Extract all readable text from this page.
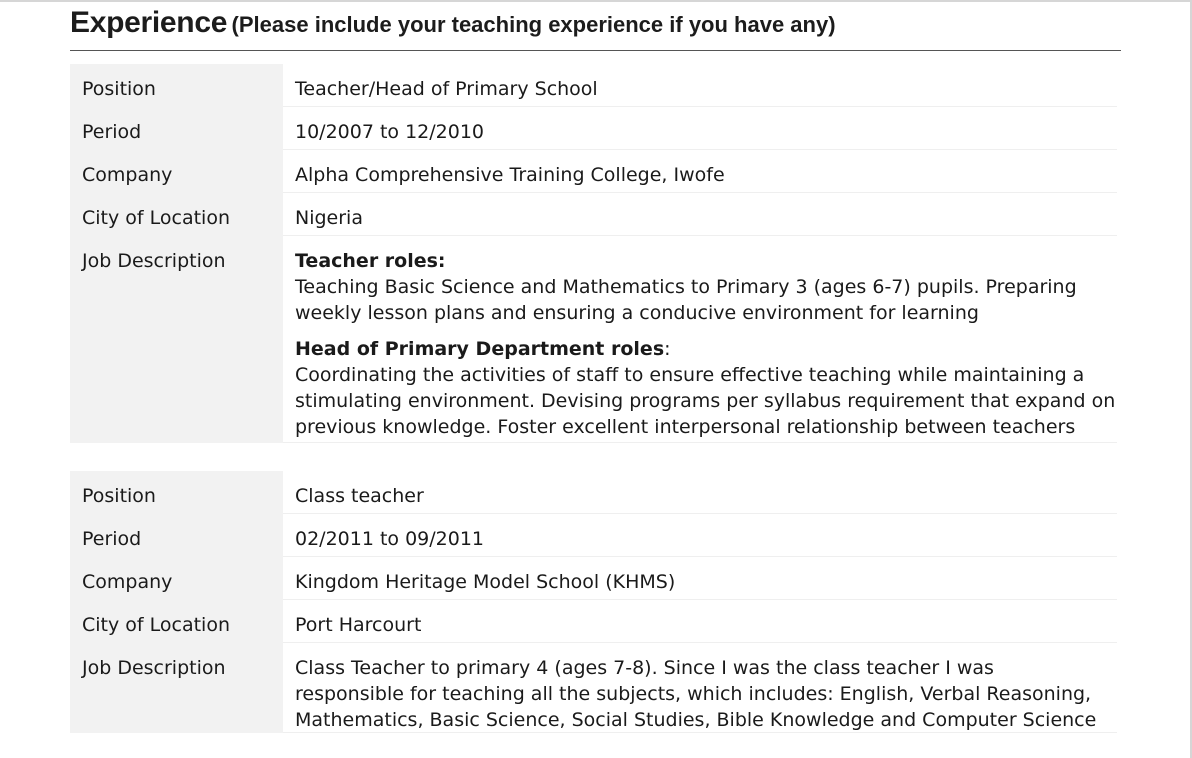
Experience (Please include your teaching experience if you have any)
Position	Teacher/Head of Primary School
Period	10/2007 to 12/2010
Company	Alpha Comprehensive Training College, Iwofe
City of Location	Nigeria
Job Description	Teacher roles:
Teaching Basic Science and Mathematics to Primary 3 (ages 6-7) pupils. Preparing
weekly lesson plans and ensuring a conducive environment for learning
Head of Primary Department roles:
Coordinating the activities of staff to ensure effective teaching while maintaining a
stimulating environment. Devising programs per syllabus requirement that expand on
previous knowledge. Foster excellent interpersonal relationship between teachers
Position	Class teacher
Period	02/2011 to 09/2011
Company	Kingdom Heritage Model School (KHMS)
City of Location	Port Harcourt
Job Description	Class Teacher to primary 4 (ages 7-8). Since I was the class teacher I was
responsible for teaching all the subjects, which includes: English, Verbal Reasoning,
Mathematics, Basic Science, Social Studies, Bible Knowledge and Computer Science
